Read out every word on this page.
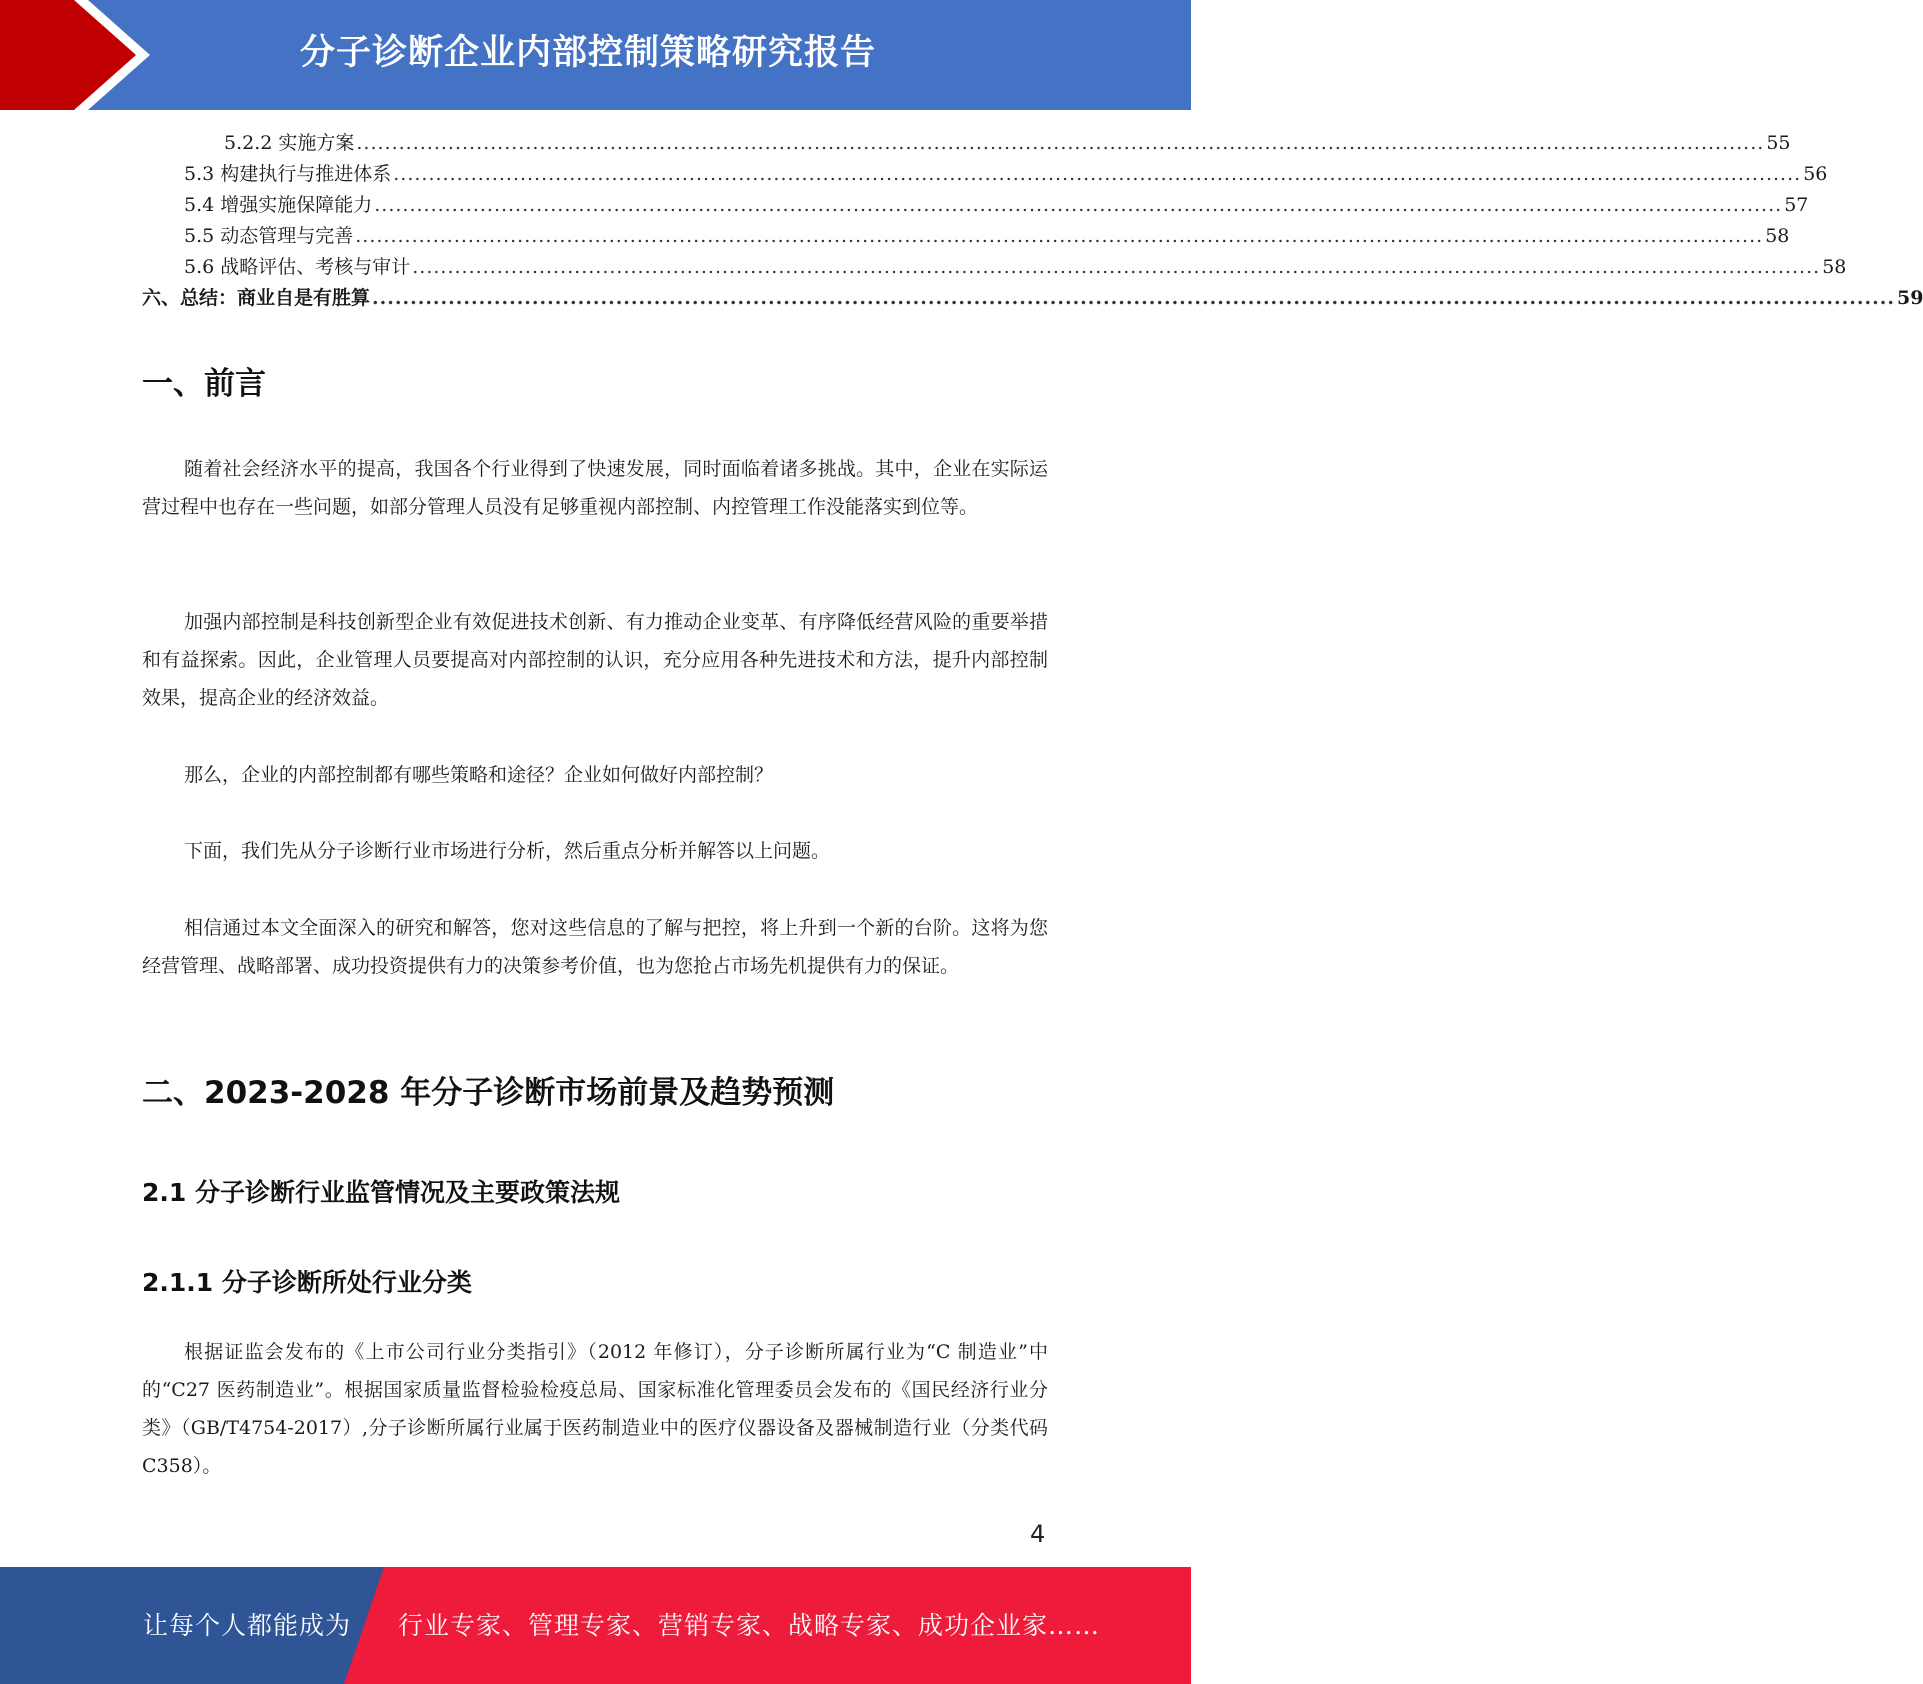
分子诊断企业内部控制策略研究报告
5.2.2 实施方案 ........................................................................................................................................................................................................ 55
5.3 构建执行与推进体系 ........................................................................................................................................................................................................ 56
5.4 增强实施保障能力 ........................................................................................................................................................................................................ 57
5.5 动态管理与完善 ........................................................................................................................................................................................................ 58
5.6 战略评估、考核与审计 ........................................................................................................................................................................................................ 58
六、总结：商业自是有胜算 ........................................................................................................................................................................................................ 59
一、前言

随着社会经济水平的提高，我国各个行业得到了快速发展，同时面临着诸多挑战。其中，企业在实际运营过程中也存在一些问题，如部分管理人员没有足够重视内部控制、内控管理工作没能落实到位等。

加强内部控制是科技创新型企业有效促进技术创新、有力推动企业变革、有序降低经营风险的重要举措和有益探索。因此，企业管理人员要提高对内部控制的认识，充分应用各种先进技术和方法，提升内部控制效果，提高企业的经济效益。

那么，企业的内部控制都有哪些策略和途径？企业如何做好内部控制？

下面，我们先从分子诊断行业市场进行分析，然后重点分析并解答以上问题。

相信通过本文全面深入的研究和解答，您对这些信息的了解与把控，将上升到一个新的台阶。这将为您经营管理、战略部署、成功投资提供有力的决策参考价值，也为您抢占市场先机提供有力的保证。

二、2023-2028 年分子诊断市场前景及趋势预测
2.1 分子诊断行业监管情况及主要政策法规
2.1.1 分子诊断所处行业分类

根据证监会发布的《上市公司行业分类指引》（2012 年修订），分子诊断所属行业为“C 制造业”中的“C27 医药制造业”。根据国家质量监督检验检疫总局、国家标准化管理委员会发布的《国民经济行业分类》（GB/T4754-2017）,分子诊断所属行业属于医药制造业中的医疗仪器设备及器械制造行业（分类代码 C358）。

4
让每个人都能成为 行业专家、管理专家、营销专家、战略专家、成功企业家……
